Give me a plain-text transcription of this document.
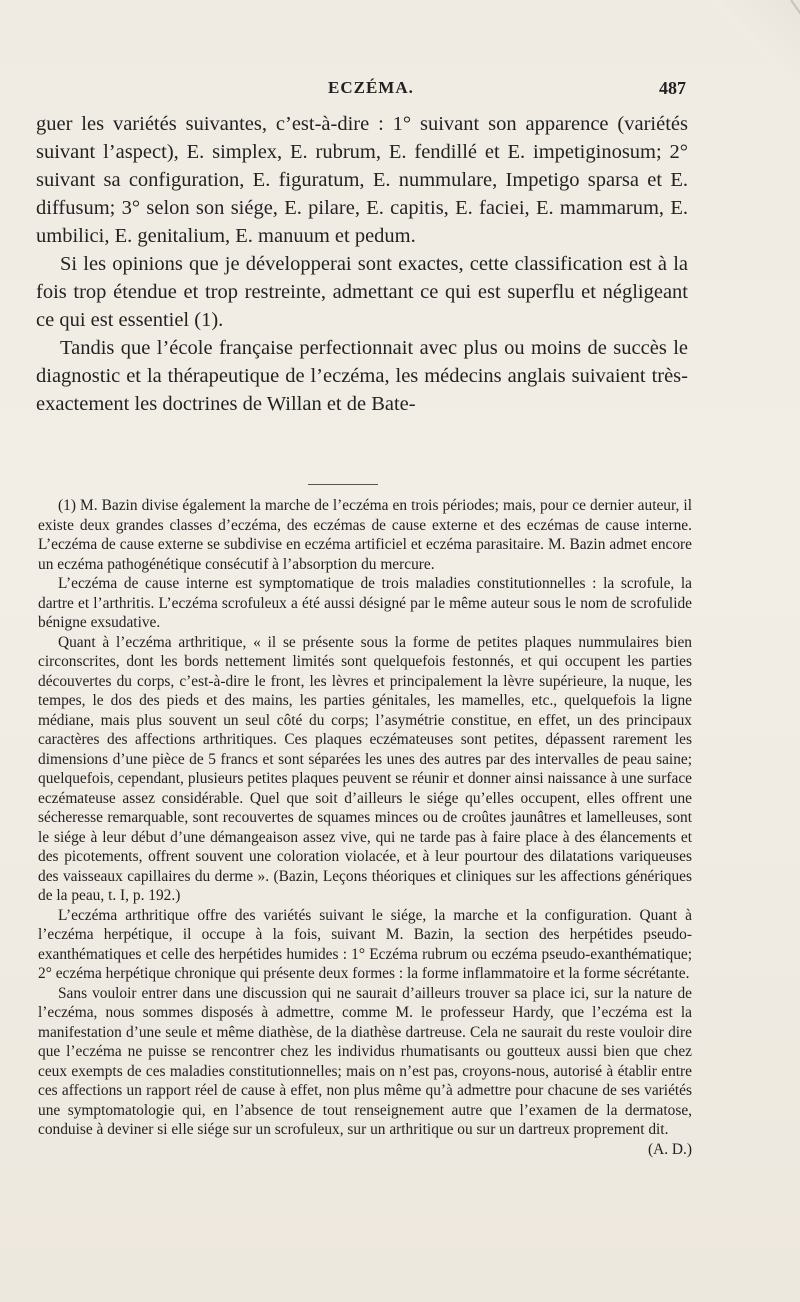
ECZÉMA.	487

guer les variétés suivantes, c’est-à-dire : 1° suivant son apparence (variétés suivant l’aspect), E. simplex, E. rubrum, E. fendillé et E. impetiginosum; 2° suivant sa configuration, E. figuratum, E. nummulare, Impetigo sparsa et E. diffusum; 3° selon son siége, E. pilare, E. capitis, E. faciei, E. mammarum, E. umbilici, E. genitalium, E. manuum et pedum.

Si les opinions que je développerai sont exactes, cette classification est à la fois trop étendue et trop restreinte, admettant ce qui est superflu et négligeant ce qui est essentiel (1).

Tandis que l’école française perfectionnait avec plus ou moins de succès le diagnostic et la thérapeutique de l’eczéma, les médecins anglais suivaient très-exactement les doctrines de Willan et de Bate-

(1) M. Bazin divise également la marche de l’eczéma en trois périodes; mais, pour ce dernier auteur, il existe deux grandes classes d’eczéma, des eczémas de cause externe et des eczémas de cause interne. L’eczéma de cause externe se subdivise en eczéma artificiel et eczéma parasitaire. M. Bazin admet encore un eczéma pathogénétique consécutif à l’absorption du mercure.

L’eczéma de cause interne est symptomatique de trois maladies constitutionnelles : la scrofule, la dartre et l’arthritis. L’eczéma scrofuleux a été aussi désigné par le même auteur sous le nom de scrofulide bénigne exsudative.

Quant à l’eczéma arthritique, « il se présente sous la forme de petites plaques nummulaires bien circonscrites, dont les bords nettement limités sont quelquefois festonnés, et qui occupent les parties découvertes du corps, c’est-à-dire le front, les lèvres et principalement la lèvre supérieure, la nuque, les tempes, le dos des pieds et des mains, les parties génitales, les mamelles, etc., quelquefois la ligne médiane, mais plus souvent un seul côté du corps; l’asymétrie constitue, en effet, un des principaux caractères des affections arthritiques. Ces plaques eczémateuses sont petites, dépassent rarement les dimensions d’une pièce de 5 francs et sont séparées les unes des autres par des intervalles de peau saine; quelquefois, cependant, plusieurs petites plaques peuvent se réunir et donner ainsi naissance à une surface eczémateuse assez considérable. Quel que soit d’ailleurs le siége qu’elles occupent, elles offrent une sécheresse remarquable, sont recouvertes de squames minces ou de croûtes jaunâtres et lamelleuses, sont le siége à leur début d’une démangeaison assez vive, qui ne tarde pas à faire place à des élancements et des picotements, offrent souvent une coloration violacée, et à leur pourtour des dilatations variqueuses des vaisseaux capillaires du derme ». (Bazin, Leçons théoriques et cliniques sur les affections génériques de la peau, t. I, p. 192.)

L’eczéma arthritique offre des variétés suivant le siége, la marche et la configuration. Quant à l’eczéma herpétique, il occupe à la fois, suivant M. Bazin, la section des herpétides pseudo-exanthématiques et celle des herpétides humides : 1° Eczéma rubrum ou eczéma pseudo-exanthématique; 2° eczéma herpétique chronique qui présente deux formes : la forme inflammatoire et la forme sécrétante.

Sans vouloir entrer dans une discussion qui ne saurait d’ailleurs trouver sa place ici, sur la nature de l’eczéma, nous sommes disposés à admettre, comme M. le professeur Hardy, que l’eczéma est la manifestation d’une seule et même diathèse, de la diathèse dartreuse. Cela ne saurait du reste vouloir dire que l’eczéma ne puisse se rencontrer chez les individus rhumatisants ou goutteux aussi bien que chez ceux exempts de ces maladies constitutionnelles; mais on n’est pas, croyons-nous, autorisé à établir entre ces affections un rapport réel de cause à effet, non plus même qu’à admettre pour chacune de ses variétés une symptomatologie qui, en l’absence de tout renseignement autre que l’examen de la dermatose, conduise à deviner si elle siége sur un scrofuleux, sur un arthritique ou sur un dartreux proprement dit.

(A. D.)
